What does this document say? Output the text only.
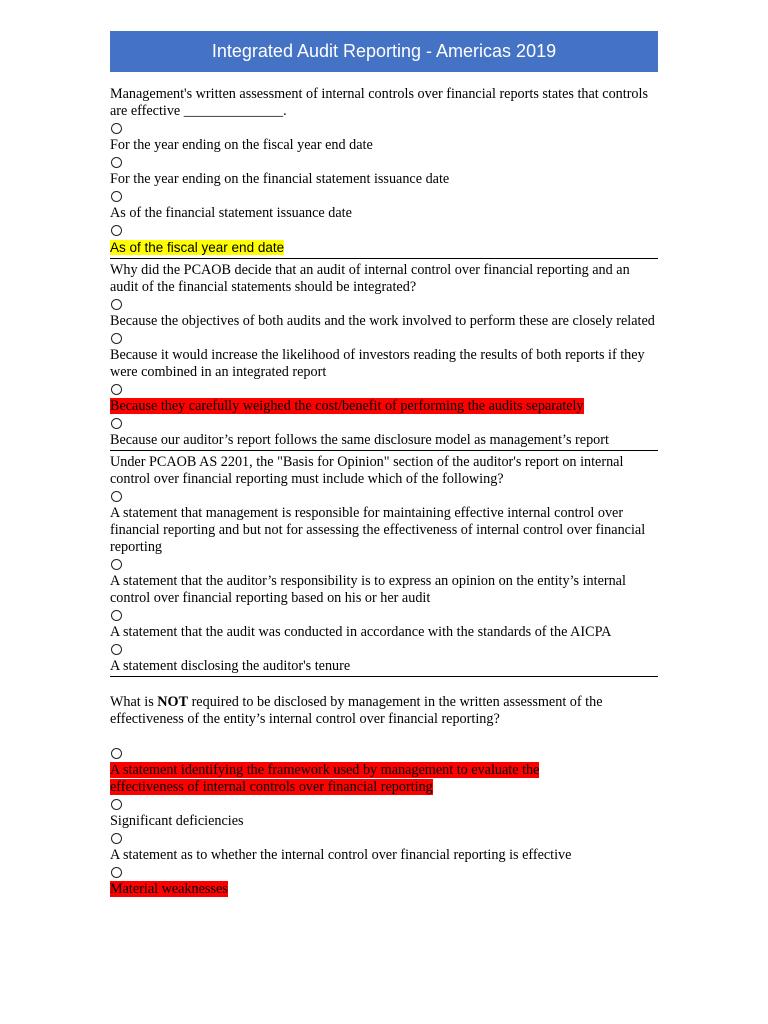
Integrated Audit Reporting - Americas 2019

Management's written assessment of internal controls over financial reports states that controls are effective ______________.

For the year ending on the fiscal year end date

For the year ending on the financial statement issuance date

As of the financial statement issuance date

As of the fiscal year end date

Why did the PCAOB decide that an audit of internal control over financial reporting and an audit of the financial statements should be integrated?

Because the objectives of both audits and the work involved to perform these are closely related

Because it would increase the likelihood of investors reading the results of both reports if they were combined in an integrated report

Because they carefully weighed the cost/benefit of performing the audits separately

Because our auditor’s report follows the same disclosure model as management’s report

Under PCAOB AS 2201, the "Basis for Opinion" section of the auditor's report on internal control over financial reporting must include which of the following?

A statement that management is responsible for maintaining effective internal control over financial reporting and but not for assessing the effectiveness of internal control over financial reporting

A statement that the auditor’s responsibility is to express an opinion on the entity’s internal control over financial reporting based on his or her audit

A statement that the audit was conducted in accordance with the standards of the AICPA

A statement disclosing the auditor's tenure

What is NOT required to be disclosed by management in the written assessment of the effectiveness of the entity’s internal control over financial reporting?

A statement identifying the framework used by management to evaluate the effectiveness of internal controls over financial reporting

Significant deficiencies

A statement as to whether the internal control over financial reporting is effective

Material weaknesses
